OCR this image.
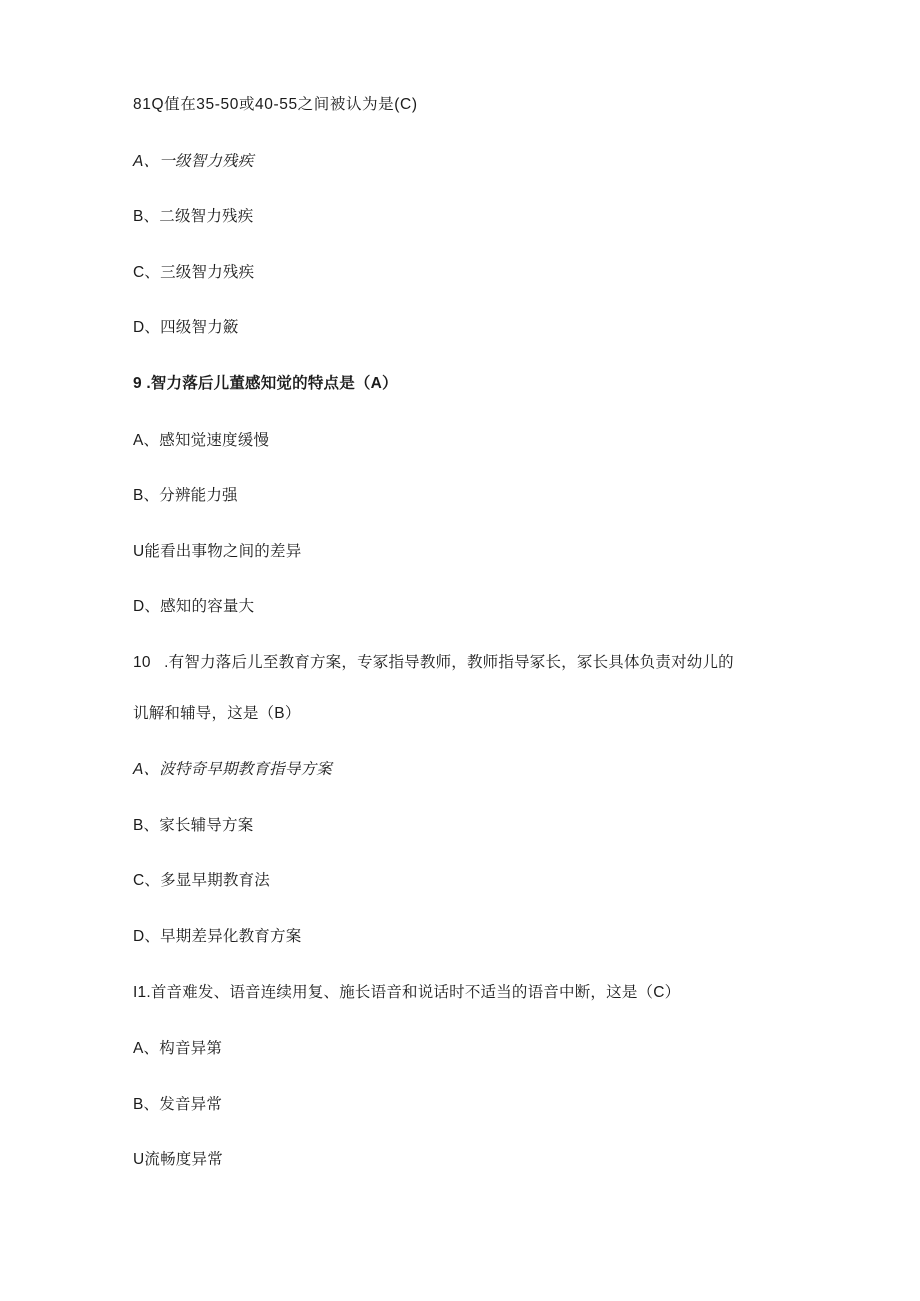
81Q值在35-50或40-55之间被认为是(C)
A、一级智力残疾
B、二级智力残疾
C、三级智力残疾
D、四级智力籢
9 .智力落后儿董感知觉的特点是（A）
A、感知觉速度缓慢
B、分辨能力强
U能看出事物之间的差异
D、感知的容量大
10   .有智力落后儿至教育方案，专冢指导教师，教师指导冢长，冢长具体负责对幼儿的
讥解和辅导，这是（B）
A、波特奇早期教育指导方案
B、家长辅导方案
C、多显早期教育法
D、早期差异化教育方案
I1.首音难发、语音连续用复、施长语音和说话时不适当的语音中断，这是（C）
A、构音异第
B、发音异常
U流畅度异常
